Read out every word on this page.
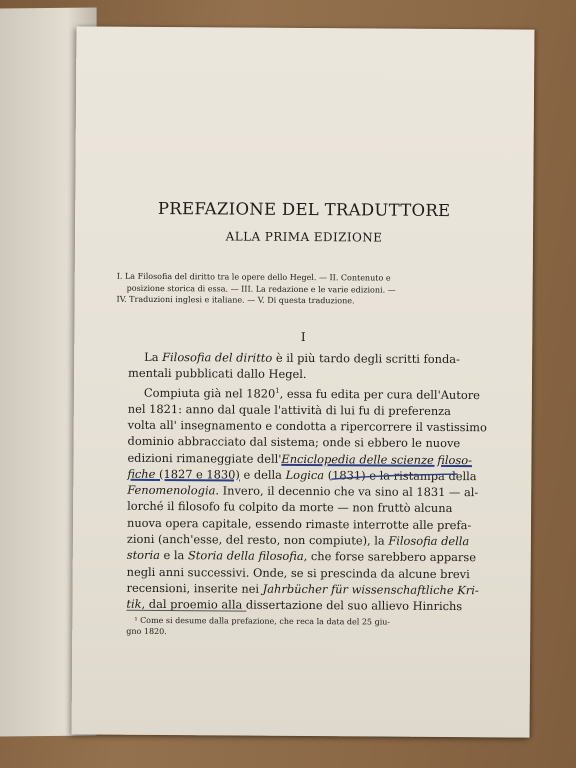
PREFAZIONE DEL TRADUTTORE
ALLA PRIMA EDIZIONE
I. La Filosofia del diritto tra le opere dello Hegel. — II. Contenuto e
posizione storica di essa. — III. La redazione e le varie edizioni. —
IV. Traduzioni inglesi e italiane. — V. Di questa traduzione.
I
La Filosofia del diritto è il più tardo degli scritti fonda-
mentali pubblicati dallo Hegel.
Compiuta già nel 1820$^1$, essa fu edita per cura dell'Autore
nel 1821: anno dal quale l'attività di lui fu di preferenza
volta all' insegnamento e condotta a ripercorrere il vastissimo
dominio abbracciato dal sistema; onde si ebbero le nuove
edizioni rimaneggiate dell'Enciclopedia delle scienze filoso-
fiche (1827 e 1830) e della Logica (1831) e la ristampa della
Fenomenologia. Invero, il decennio che va sino al 1831 — al-
lorché il filosofo fu colpito da morte — non fruttò alcuna
nuova opera capitale, essendo rimaste interrotte alle prefa-
zioni (anch'esse, del resto, non compiute), la Filosofia della
storia e la Storia della filosofia, che forse sarebbero apparse
negli anni successivi. Onde, se si prescinda da alcune brevi
recensioni, inserite nei Jahrbücher für wissenschaftliche Kri-
tik, dal proemio alla dissertazione del suo allievo Hinrichs
¹ Come si desume dalla prefazione, che reca la data del 25 giu-
gno 1820.
